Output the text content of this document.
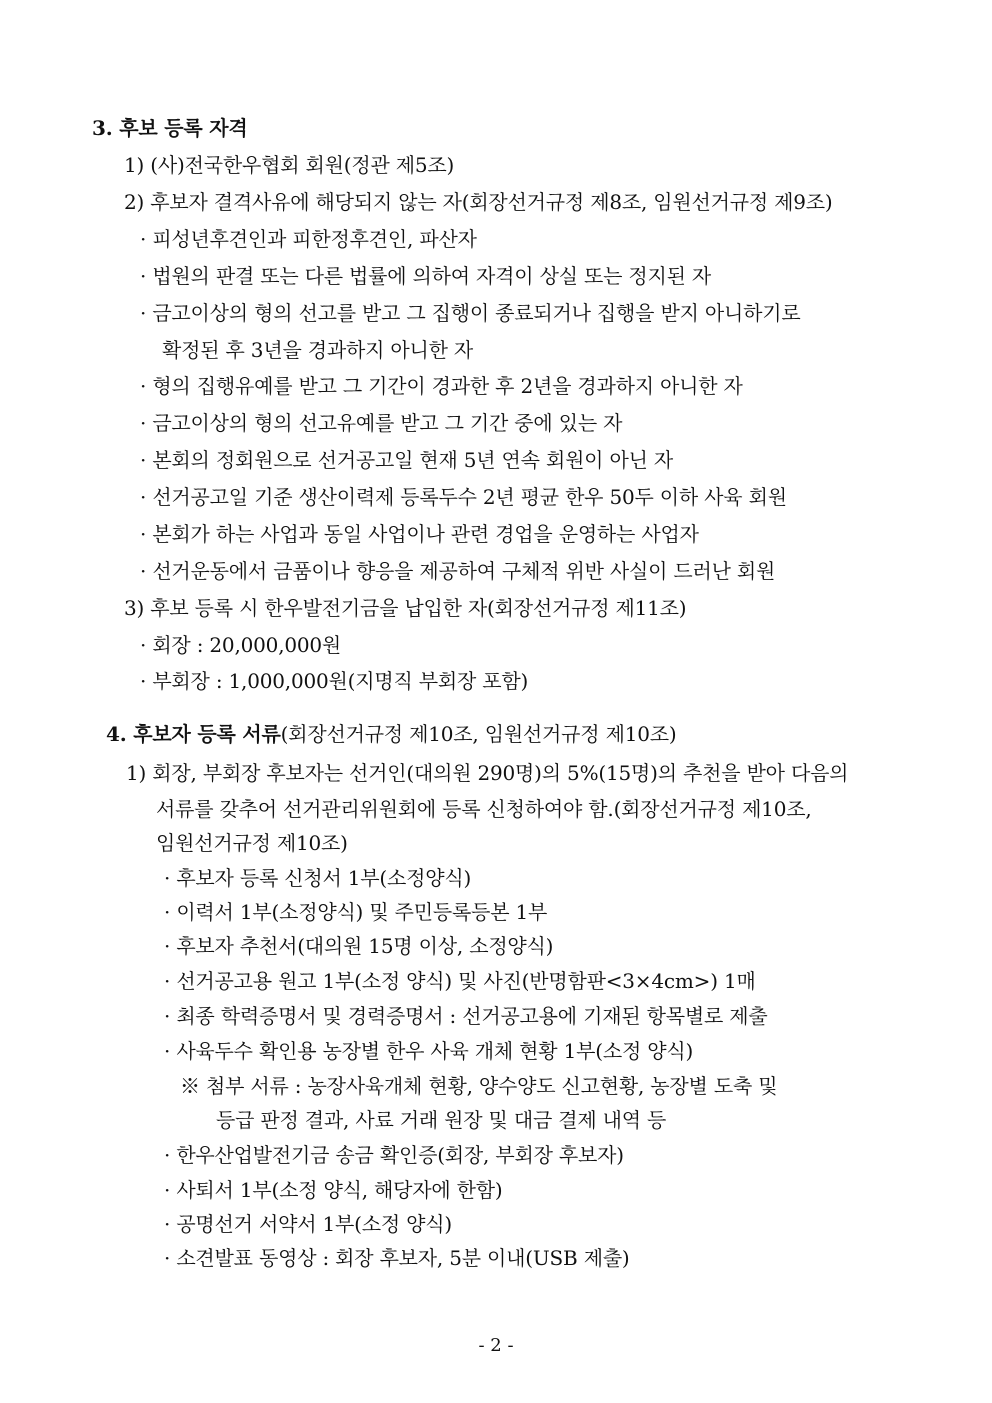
3. 후보 등록 자격
1) (사)전국한우협회 회원(정관 제5조)
2) 후보자 결격사유에 해당되지 않는 자(회장선거규정 제8조, 임원선거규정 제9조)
· 피성년후견인과 피한정후견인, 파산자
· 법원의 판결 또는 다른 법률에 의하여 자격이 상실 또는 정지된 자
· 금고이상의 형의 선고를 받고 그 집행이 종료되거나 집행을 받지 아니하기로
확정된 후 3년을 경과하지 아니한 자
· 형의 집행유예를 받고 그 기간이 경과한 후 2년을 경과하지 아니한 자
· 금고이상의 형의 선고유예를 받고 그 기간 중에 있는 자
· 본회의 정회원으로 선거공고일 현재 5년 연속 회원이 아닌 자
· 선거공고일 기준 생산이력제 등록두수 2년 평균 한우 50두 이하 사육 회원
· 본회가 하는 사업과 동일 사업이나 관련 경업을 운영하는 사업자
· 선거운동에서 금품이나 향응을 제공하여 구체적 위반 사실이 드러난 회원
3) 후보 등록 시 한우발전기금을 납입한 자(회장선거규정 제11조)
· 회장 : 20,000,000원
· 부회장 : 1,000,000원(지명직 부회장 포함)
4. 후보자 등록 서류(회장선거규정 제10조, 임원선거규정 제10조)
1) 회장, 부회장 후보자는 선거인(대의원 290명)의 5%(15명)의 추천을 받아 다음의
서류를 갖추어 선거관리위원회에 등록 신청하여야 함.(회장선거규정 제10조,
임원선거규정 제10조)
· 후보자 등록 신청서 1부(소정양식)
· 이력서 1부(소정양식) 및 주민등록등본 1부
· 후보자 추천서(대의원 15명 이상, 소정양식)
· 선거공고용 원고 1부(소정 양식) 및 사진(반명함판<3×4cm>) 1매
· 최종 학력증명서 및 경력증명서 : 선거공고용에 기재된 항목별로 제출
· 사육두수 확인용 농장별 한우 사육 개체 현황 1부(소정 양식)
※ 첨부 서류 : 농장사육개체 현황, 양수양도 신고현황, 농장별 도축 및
등급 판정 결과, 사료 거래 원장 및 대금 결제 내역 등
· 한우산업발전기금 송금 확인증(회장, 부회장 후보자)
· 사퇴서 1부(소정 양식, 해당자에 한함)
· 공명선거 서약서 1부(소정 양식)
· 소견발표 동영상 : 회장 후보자, 5분 이내(USB 제출)
- 2 -
